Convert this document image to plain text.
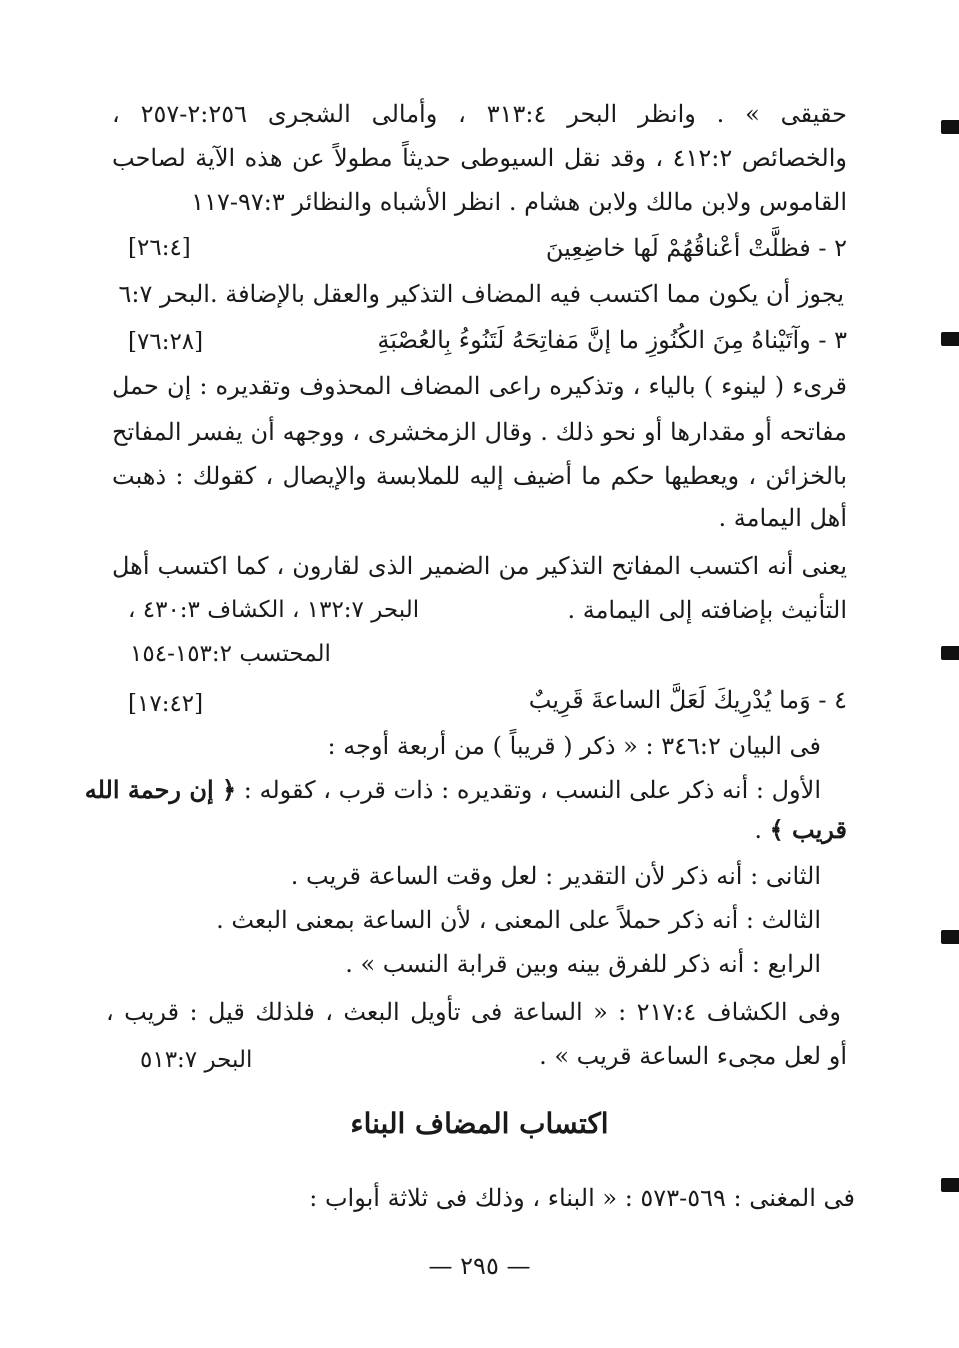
حقيقى » . وانظر البحر ٣١٣:٤ ، وأمالى الشجرى ٢:٢٥٦-٢٥٧ ،
والخصائص ٤١٢:٢ ، وقد نقل السيوطى حديثاً مطولاً عن هذه الآية لصاحب
القاموس ولابن مالك ولابن هشام . انظر الأشباه والنظائر ٩٧:٣-١١٧
٢ - فظلَّتْ أعْناقُهُمْ لَها خاضِعِينَ
[٢٦:٤]
يجوز أن يكون مما اكتسب فيه المضاف التذكير والعقل بالإضافة .البحر ٦:٧
٣ - وآتَيْناهُ مِنَ الكُنُوزِ ما إنَّ مَفاتِحَهُ لَتَنُوءُ بِالعُصْبَةِ
[٧٦:٢٨]
قرىء ( لينوء ) بالياء ، وتذكيره راعى المضاف المحذوف وتقديره : إن حمل
مفاتحه أو مقدارها أو نحو ذلك . وقال الزمخشرى ، ووجهه أن يفسر المفاتح
بالخزائن ، ويعطيها حكم ما أضيف إليه للملابسة والإيصال ، كقولك : ذهبت
أهل اليمامة .
يعنى أنه اكتسب المفاتح التذكير من الضمير الذى لقارون ، كما اكتسب أهل
التأنيث بإضافته إلى اليمامة .
البحر ١٣٢:٧ ، الكشاف ٤٣٠:٣ ،
المحتسب ١٥٣:٢-١٥٤
٤ - وَما يُدْرِيكَ لَعَلَّ الساعةَ قَرِيبٌ
[١٧:٤٢]
فى البيان ٣٤٦:٢ : « ذكر ( قريباً ) من أربعة أوجه :
الأول : أنه ذكر على النسب ، وتقديره : ذات قرب ، كقوله : ﴿ إن رحمة الله
قريب ﴾ .
الثانى : أنه ذكر لأن التقدير : لعل وقت الساعة قريب .
الثالث : أنه ذكر حملاً على المعنى ، لأن الساعة بمعنى البعث .
الرابع : أنه ذكر للفرق بينه وبين قرابة النسب » .
وفى الكشاف ٢١٧:٤ : « الساعة فى تأويل البعث ، فلذلك قيل : قريب ،
أو لعل مجىء الساعة قريب » .
البحر ٥١٣:٧
اكتساب المضاف البناء
فى المغنى : ٥٦٩-٥٧٣ : « البناء ، وذلك فى ثلاثة أبواب :
— ٢٩٥ —
